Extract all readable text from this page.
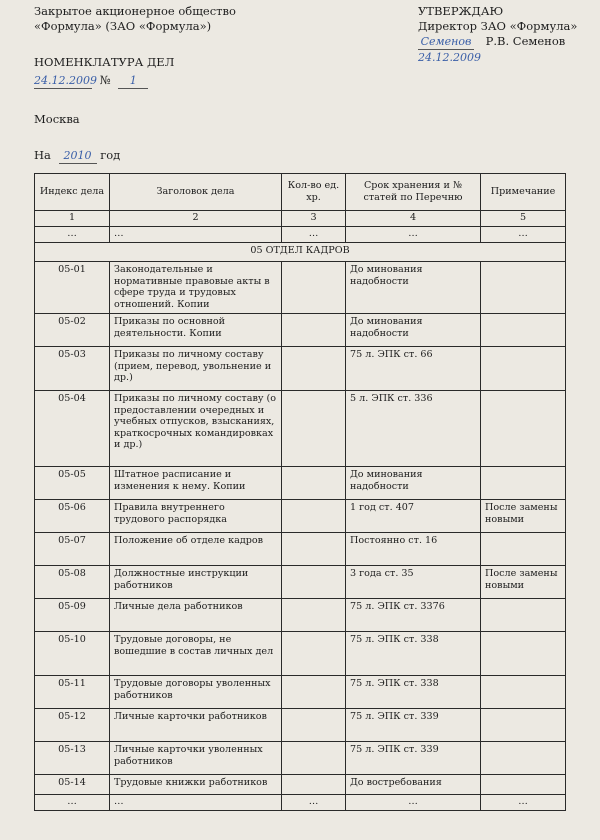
Закрытое акционерное общество
«Формула» (ЗАО «Формула»)
УТВЕРЖДАЮ
Директор ЗАО «Формула»
Семенов Р.В. Семенов
24.12.2009
НОМЕНКЛАТУРА ДЕЛ
24.12.2009 № 1
Москва
На 2010 год
Индекс дела	Заголовок дела	Кол-во ед. хр.	Срок хранения и № статей по Перечню	Примечание
1	2	3	4	5
…	…	…	…	…
05 ОТДЕЛ КАДРОВ				
05-01	Законодательные и нормативные правовые акты в сфере труда и трудовых отношений. Копии		До минования надобности	
05-02	Приказы по основной деятельности. Копии		До минования надобности	
05-03	Приказы по личному составу (прием, перевод, увольнение и др.)		75 л. ЭПК ст. 66	
05-04	Приказы по личному составу (о предоставлении очередных и учебных отпусков, взысканиях, краткосрочных командировках и др.)		5 л. ЭПК ст. 336	
05-05	Штатное расписание и изменения к нему. Копии		До минования надобности	
05-06	Правила внутреннего трудового распорядка		1 год ст. 407	После замены новыми
05-07	Положение об отделе кадров		Постоянно ст. 16	
05-08	Должностные инструкции работников		3 года ст. 35	После замены новыми
05-09	Личные дела работников		75 л. ЭПК ст. 3376	
05-10	Трудовые договоры, не вошедшие в состав личных дел		75 л. ЭПК ст. 338	
05-11	Трудовые договоры уволенных работников		75 л. ЭПК ст. 338	
05-12	Личные карточки работников		75 л. ЭПК ст. 339	
05-13	Личные карточки уволенных работников		75 л. ЭПК ст. 339	
05-14	Трудовые книжки работников		До востребования	
…	…	…	…	…
